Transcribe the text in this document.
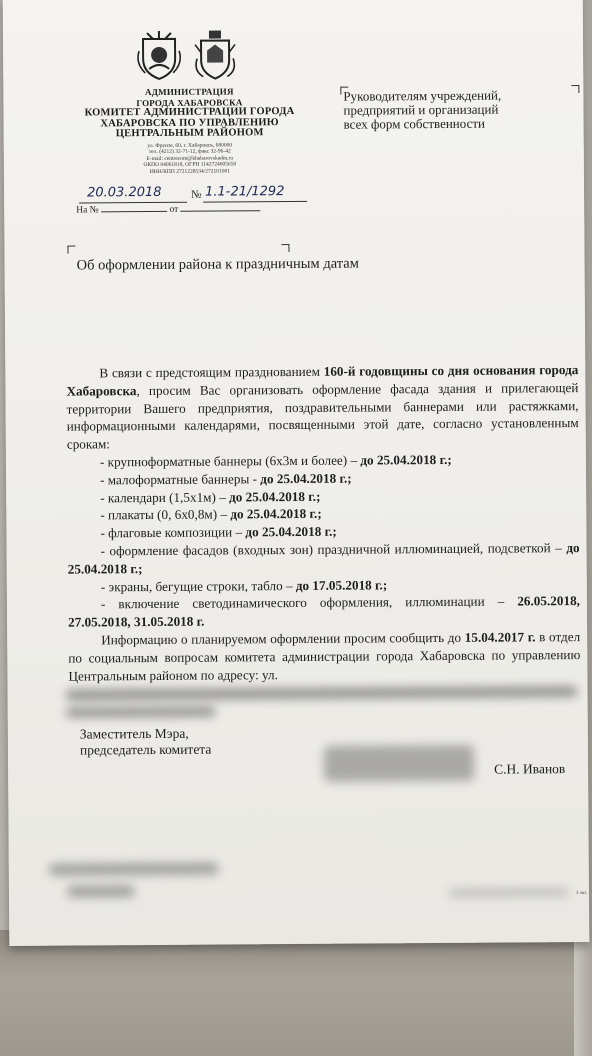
АДМИНИСТРАЦИЯ
ГОРОДА ХАБАРОВСКА
КОМИТЕТ АДМИНИСТРАЦИИ ГОРОДА
ХАБАРОВСКА ПО УПРАВЛЕНИЮ
ЦЕНТРАЛЬНЫМ РАЙОНОМ
ул. Фрунзе, 60, г. Хабаровск, 680000
тел. (4212) 32-71-12, факс 32-96-42
E-mail: centrecom@khabarovskadm.ru
ОКПО 04061818, ОГРН 1142724005650
ИНН/КПП 2721228534/272101001
20.03.2018	№ 1.1-21/1292
На №	от
Руководителям учреждений,
предприятий и организаций
всех форм собственности
Об оформлении района к праздничным датам

В связи с предстоящим празднованием 160-й годовщины со дня основания города Хабаровска, просим Вас организовать оформление фасада здания и прилегающей территории Вашего предприятия, поздравительными баннерами или растяжками, информационными календарями, посвященными этой дате, согласно установленным срокам:

- крупноформатные баннеры (6х3м и более) – до 25.04.2018 г.;

- малоформатные баннеры - до 25.04.2018 г.;

- календари (1,5х1м) – до 25.04.2018 г.;

- плакаты (0, 6х0,8м) – до 25.04.2018 г.;

- флаговые композиции – до 25.04.2018 г.;

- оформление фасадов (входных зон) праздничной иллюминацией, подсветкой – до 25.04.2018 г.;

- экраны, бегущие строки, табло – до 17.05.2018 г.;

- включение светодинамического оформления, иллюминации – 26.05.2018, 27.05.2018, 31.05.2018 г.

Информацию о планируемом оформлении просим сообщить до 15.04.2017 г. в отдел по социальным вопросам комитета администрации города Хабаровска по управлению Центральным районом по адресу: ул.

Заместитель Мэра,
председатель комитета
С.Н. Иванов
3 экз.
